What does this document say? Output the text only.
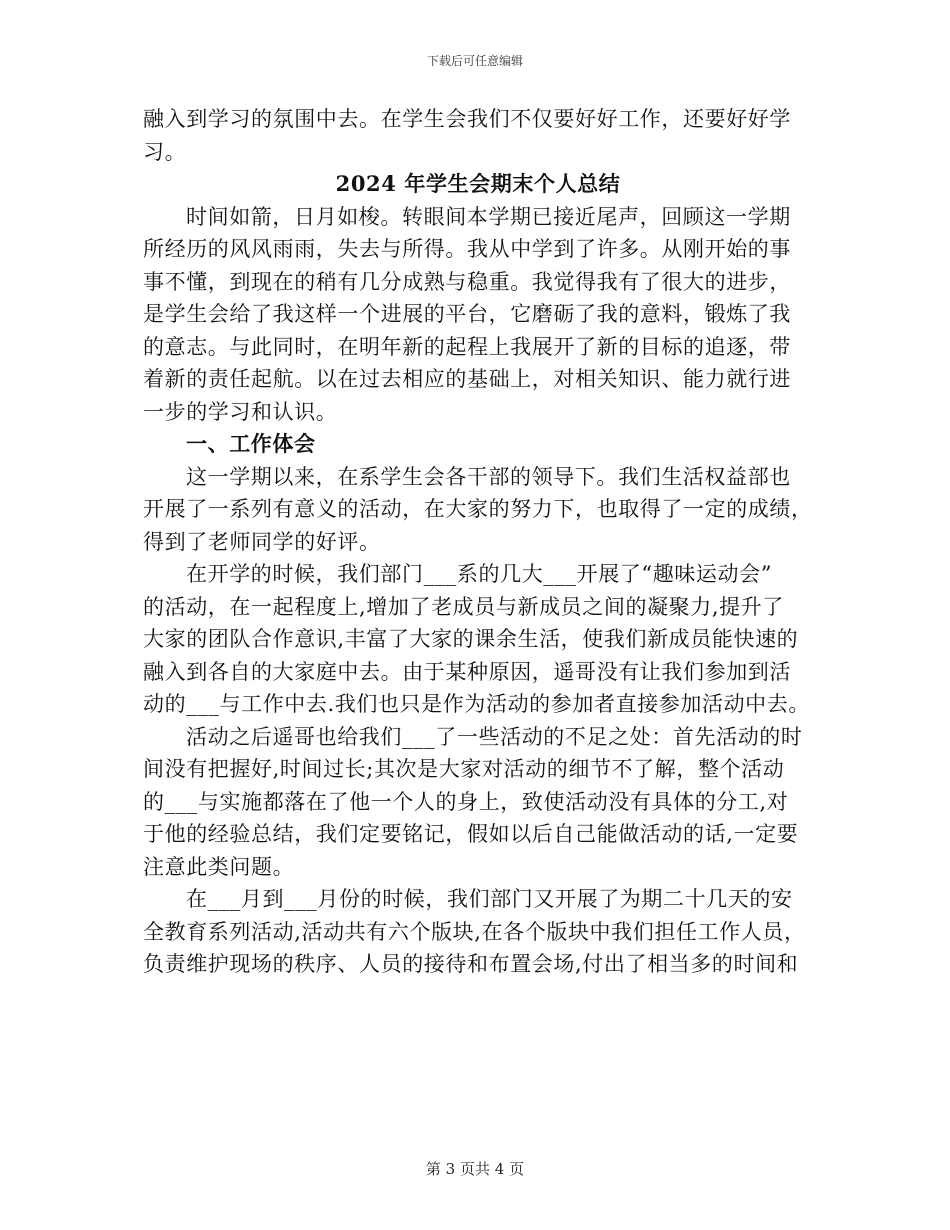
下载后可任意编辑
融入到学习的氛围中去。在学生会我们不仅要好好工作，还要好好学
习。
2024 年学生会期末个人总结
时间如箭，日月如梭。转眼间本学期已接近尾声，回顾这一学期
所经历的风风雨雨，失去与所得。我从中学到了许多。从刚开始的事
事不懂，到现在的稍有几分成熟与稳重。我觉得我有了很大的进步，
是学生会给了我这样一个进展的平台，它磨砺了我的意料，锻炼了我
的意志。与此同时，在明年新的起程上我展开了新的目标的追逐，带
着新的责任起航。以在过去相应的基础上，对相关知识、能力就行进
一步的学习和认识。
一、工作体会
这一学期以来，在系学生会各干部的领导下。我们生活权益部也
开展了一系列有意义的活动，在大家的努力下，也取得了一定的成绩，
得到了老师同学的好评。
在开学的时候，我们部门___系的几大___开展了“趣味运动会”
的活动，在一起程度上,增加了老成员与新成员之间的凝聚力,提升了
大家的团队合作意识,丰富了大家的课余生活，使我们新成员能快速的
融入到各自的大家庭中去。由于某种原因，遥哥没有让我们参加到活
动的___与工作中去.我们也只是作为活动的参加者直接参加活动中去。
活动之后遥哥也给我们___了一些活动的不足之处：首先活动的时
间没有把握好,时间过长;其次是大家对活动的细节不了解，整个活动
的___与实施都落在了他一个人的身上，致使活动没有具体的分工,对
于他的经验总结，我们定要铭记，假如以后自己能做活动的话,一定要
注意此类问题。
在___月到___月份的时候，我们部门又开展了为期二十几天的安
全教育系列活动,活动共有六个版块,在各个版块中我们担任工作人员，
负责维护现场的秩序、人员的接待和布置会场,付出了相当多的时间和
第 3 页共 4 页
